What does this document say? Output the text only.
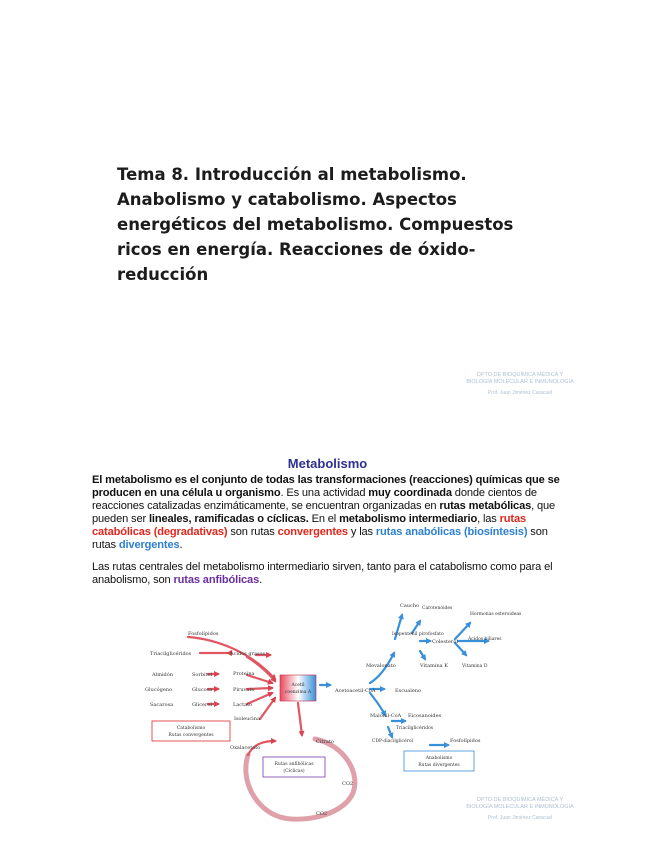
Tema 8. Introducción al metabolismo. Anabolismo y catabolismo. Aspectos energéticos del metabolismo. Compuestos ricos en energía. Reacciones de óxido-reducción
DPTO DE BIOQUÍMICA MÉDICA Y
BIOLOGÍA MOLECULAR E INMUNOLOGÍA
Prof. Juan Jiménez Caracuel
Metabolismo

El metabolismo es el conjunto de todas las transformaciones (reacciones) químicas que se producen en una célula u organismo. Es una actividad muy coordinada donde cientos de reacciones catalizadas enzimáticamente, se encuentran organizadas en rutas metabólicas, que pueden ser lineales, ramificadas o cíclicas. En el metabolismo intermediario, las rutas catabólicas (degradativas) son rutas convergentes y las rutas anabólicas (biosíntesis) son rutas divergentes.

Las rutas centrales del metabolismo intermediario sirven, tanto para el catabolismo como para el anabolismo, son rutas anfibólicas.

Acetil
coenzima A
Catabolismo
Rutas convergentes
Anabolismo
Rutas divergentes
Rutas anfibólicas
(Cíclicas)
Fosfolípidos
Triacilglicéridos	Ácidos grasos
Almidón
Glucógeno
Sacarosa
Sorbitol
Glucosa
Glicerol
Proteína
Piruvato
Lactato
Isoleucina
Acetoacetil-CoA
Mevalonato
Isopentenil pirofosfato
Caucho Carotenoides
Colesterol
Hormonas esteroideas
Ácidos biliares
Vitamina K	Vitamina D
Escualeno
Malonil-CoA Eicosanoides
CDP-diacilglicérol	Fosfolípidos
Triacilglicéridos
Oxalacetato
Citrato
CO2
CO2
DPTO DE BIOQUÍMICA MÉDICA Y
BIOLOGÍA MOLECULAR E INMUNOLOGÍA
Prof. Juan Jiménez Caracuel
